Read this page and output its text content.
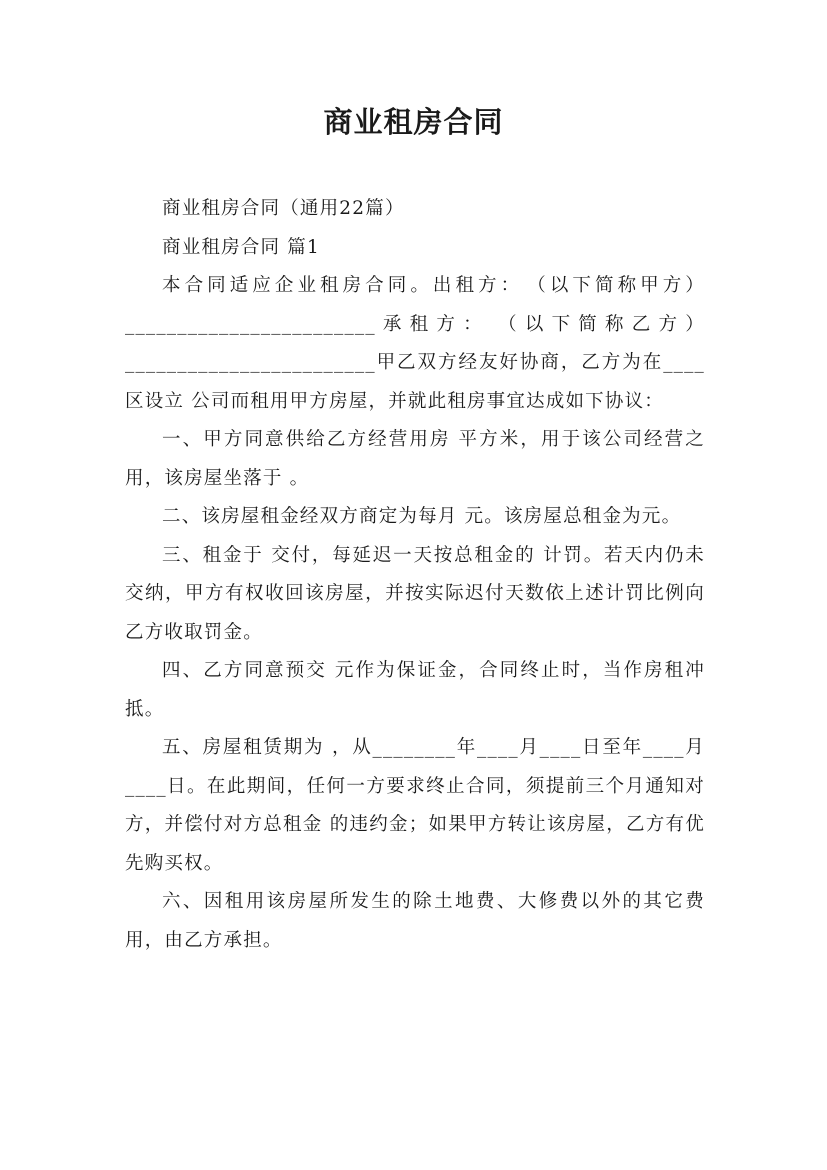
商业租房合同

商业租房合同（通用22篇）

商业租房合同 篇1

本合同适应企业租房合同。出租方：　（以下简称甲方）________________________承租方：　（以下简称乙方）________________________甲乙双方经友好协商，乙方为在____区设立 公司而租用甲方房屋，并就此租房事宜达成如下协议：

一、甲方同意供给乙方经营用房 平方米，用于该公司经营之用，该房屋坐落于 。

二、该房屋租金经双方商定为每月 元。该房屋总租金为元。

三、租金于 交付，每延迟一天按总租金的 计罚。若天内仍未交纳，甲方有权收回该房屋，并按实际迟付天数依上述计罚比例向乙方收取罚金。

四、乙方同意预交 元作为保证金，合同终止时，当作房租冲抵。

五、房屋租赁期为 ，从________年____月____日至年____月____日。在此期间，任何一方要求终止合同，须提前三个月通知对方，并偿付对方总租金 的违约金；如果甲方转让该房屋，乙方有优先购买权。

六、因租用该房屋所发生的除土地费、大修费以外的其它费用，由乙方承担。
